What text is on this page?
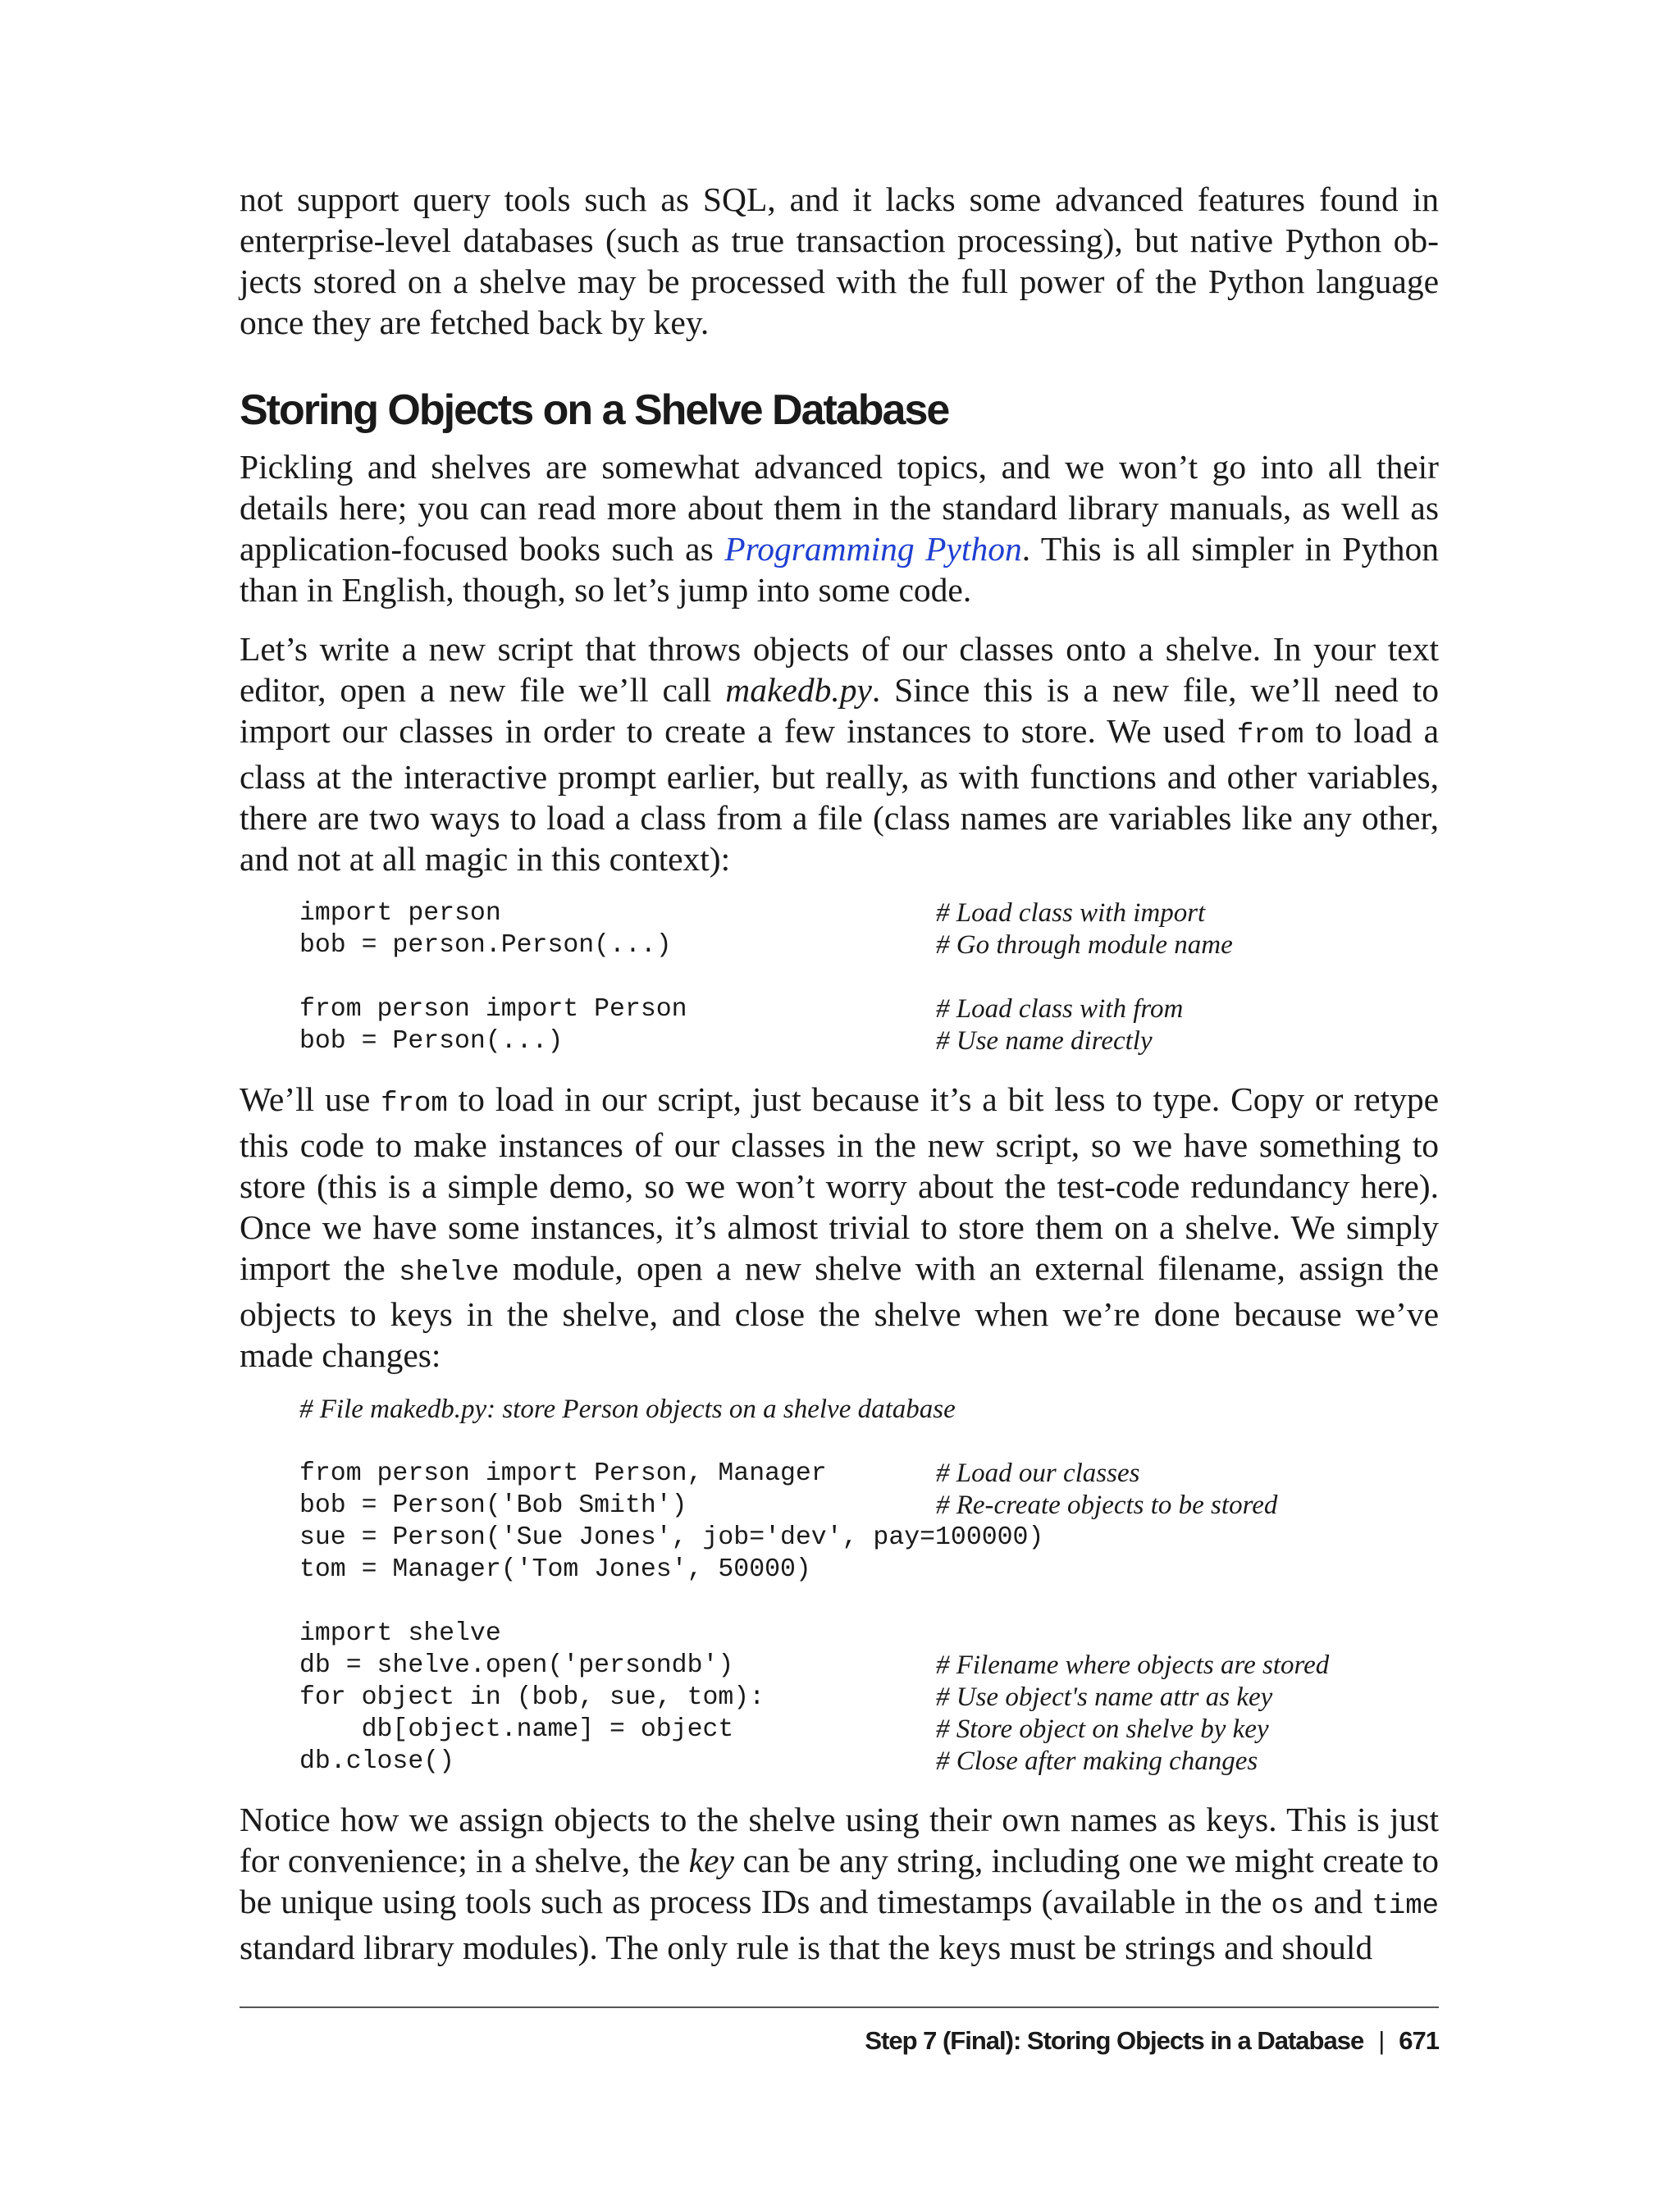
not support query tools such as SQL, and it lacks some advanced features found in enterprise-level databases (such as true transaction processing), but native Python objects stored on a shelve may be processed with the full power of the Python language once they are fetched back by key.

Storing Objects on a Shelve Database

Pickling and shelves are somewhat advanced topics, and we won’t go into all their details here; you can read more about them in the standard library manuals, as well as application-focused books such as Programming Python. This is all simpler in Python than in English, though, so let’s jump into some code.

Let’s write a new script that throws objects of our classes onto a shelve. In your text editor, open a new file we’ll call makedb.py. Since this is a new file, we’ll need to import our classes in order to create a few instances to store. We used from to load a class at the interactive prompt earlier, but really, as with functions and other variables, there are two ways to load a class from a file (class names are variables like any other, and not at all magic in this context):

import person	# Load class with import
bob = person.Person(...)	# Go through module name
from person import Person	# Load class with from
bob = Person(...)	# Use name directly

We’ll use from to load in our script, just because it’s a bit less to type. Copy or retype this code to make instances of our classes in the new script, so we have something to store (this is a simple demo, so we won’t worry about the test-code redundancy here). Once we have some instances, it’s almost trivial to store them on a shelve. We simply import the shelve module, open a new shelve with an external filename, assign the objects to keys in the shelve, and close the shelve when we’re done because we’ve made changes:

# File makedb.py: store Person objects on a shelve database
from person import Person, Manager	# Load our classes
bob = Person('Bob Smith')	# Re-create objects to be stored
sue = Person('Sue Jones', job='dev', pay=100000)
tom = Manager('Tom Jones', 50000)
import shelve
db = shelve.open('persondb')	# Filename where objects are stored
for object in (bob, sue, tom):	# Use object's name attr as key
db[object.name] = object	# Store object on shelve by key
db.close()	# Close after making changes

Notice how we assign objects to the shelve using their own names as keys. This is just for convenience; in a shelve, the key can be any string, including one we might create to be unique using tools such as process IDs and timestamps (available in the os and time standard library modules). The only rule is that the keys must be strings and should

Step 7 (Final): Storing Objects in a Database | 671
